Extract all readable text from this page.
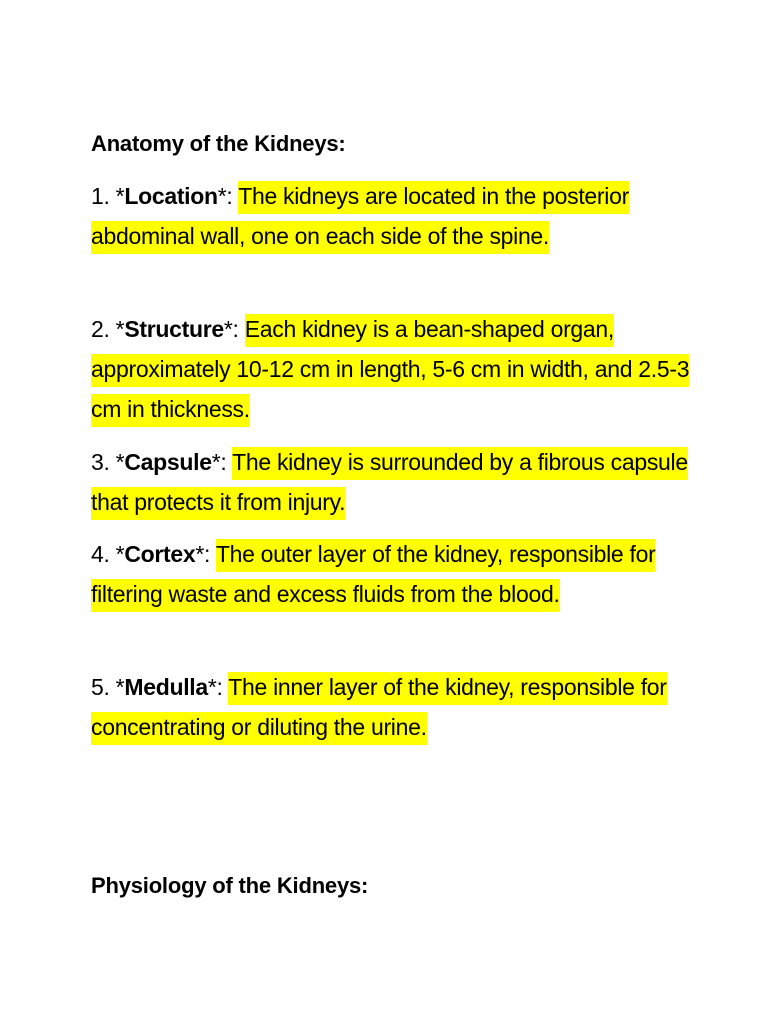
Anatomy of the Kidneys:

1. *Location*: The kidneys are located in the posterior abdominal wall, one on each side of the spine.

2. *Structure*: Each kidney is a bean-shaped organ, approximately 10-12 cm in length, 5-6 cm in width, and 2.5-3 cm in thickness.

3. *Capsule*: The kidney is surrounded by a fibrous capsule that protects it from injury.

4. *Cortex*: The outer layer of the kidney, responsible for filtering waste and excess fluids from the blood.

5. *Medulla*: The inner layer of the kidney, responsible for concentrating or diluting the urine.

Physiology of the Kidneys:
